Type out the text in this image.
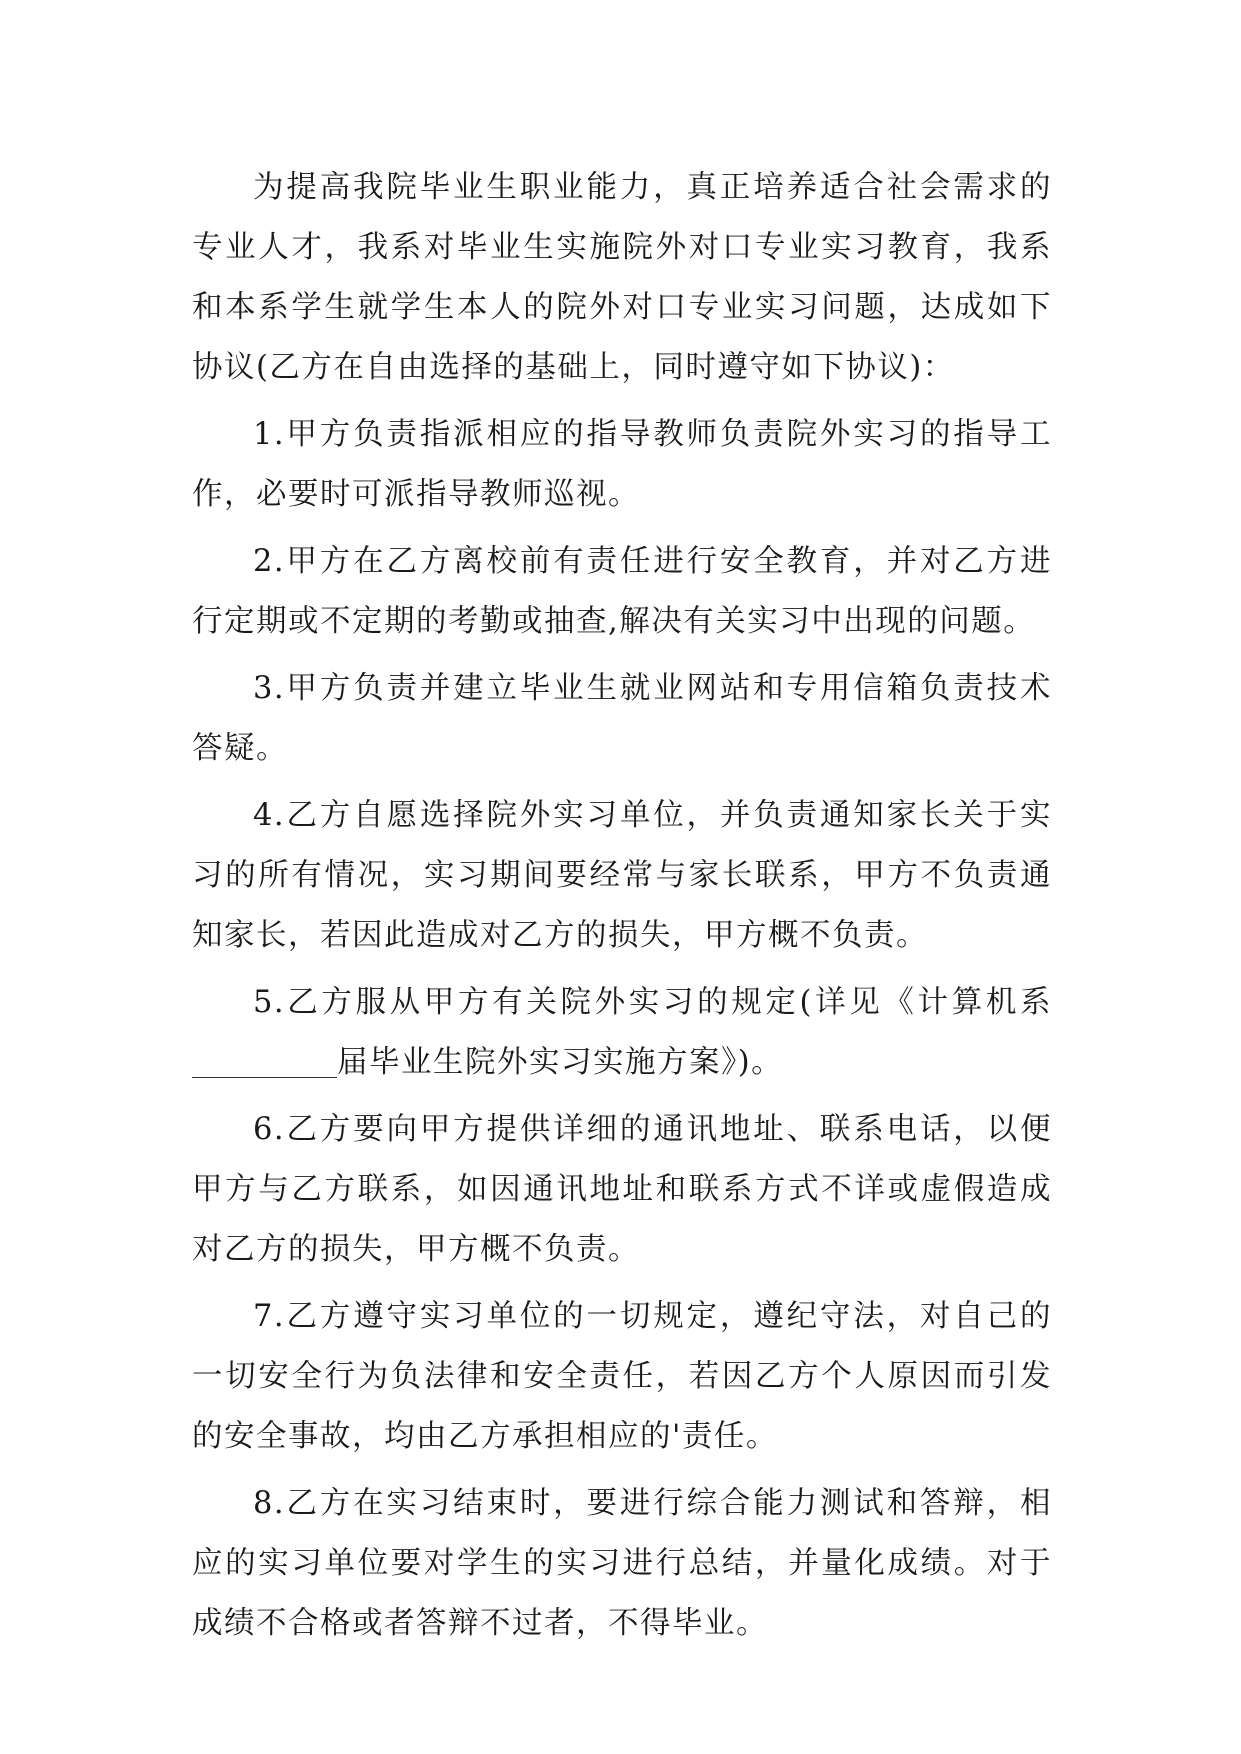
为提高我院毕业生职业能力，真正培养适合社会需求的专业人才，我系对毕业生实施院外对口专业实习教育，我系和本系学生就学生本人的院外对口专业实习问题，达成如下协议(乙方在自由选择的基础上，同时遵守如下协议)：

1.甲方负责指派相应的指导教师负责院外实习的指导工作，必要时可派指导教师巡视。

2.甲方在乙方离校前有责任进行安全教育，并对乙方进行定期或不定期的考勤或抽查,解决有关实习中出现的问题。

3.甲方负责并建立毕业生就业网站和专用信箱负责技术答疑。

4.乙方自愿选择院外实习单位，并负责通知家长关于实习的所有情况，实习期间要经常与家长联系，甲方不负责通知家长，若因此造成对乙方的损失，甲方概不负责。

5.乙方服从甲方有关院外实习的规定(详见《计算机系届毕业生院外实习实施方案》)。

6.乙方要向甲方提供详细的通讯地址、联系电话，以便甲方与乙方联系，如因通讯地址和联系方式不详或虚假造成对乙方的损失，甲方概不负责。

7.乙方遵守实习单位的一切规定，遵纪守法，对自己的一切安全行为负法律和安全责任，若因乙方个人原因而引发的安全事故，均由乙方承担相应的'责任。

8.乙方在实习结束时，要进行综合能力测试和答辩，相应的实习单位要对学生的实习进行总结，并量化成绩。对于成绩不合格或者答辩不过者，不得毕业。
